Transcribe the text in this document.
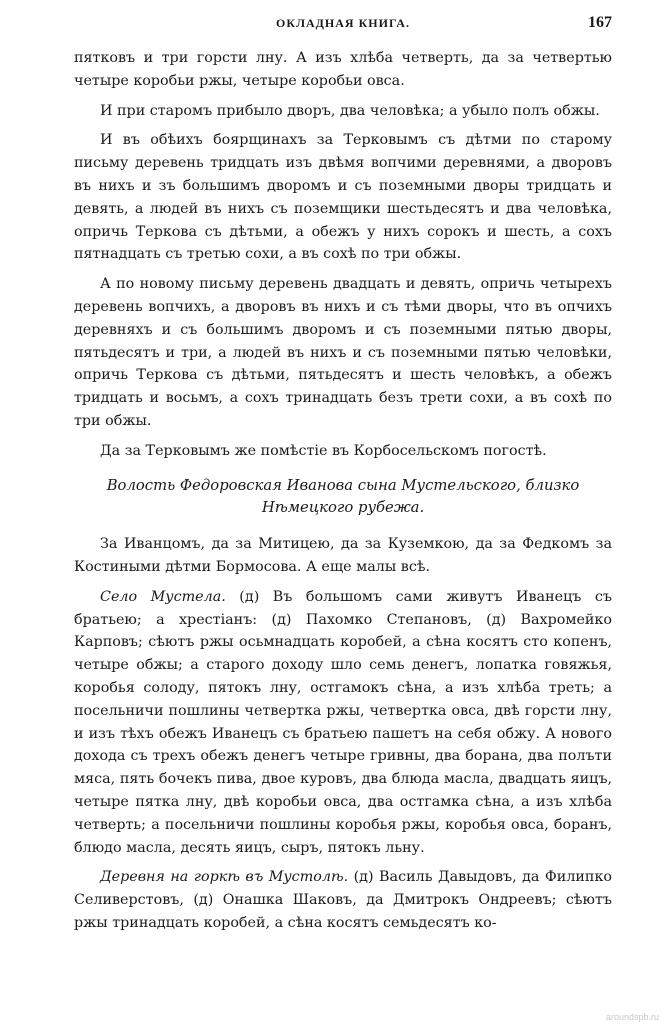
ОКЛАДНАЯ КНИГА.	167

пятковъ и три горсти лну. А изъ хлѣба четверть, да за четвертью четыре коробьи ржы, четыре коробьи овса.

И при старомъ прибыло дворъ, два человѣка; а убыло полъ обжы.

И въ обѣихъ боярщинахъ за Терковымъ съ дѣтми по старому письму деревень тридцать изъ двѣмя вопчими деревнями, а дворовъ въ нихъ и зъ большимъ дворомъ и съ поземными дворы тридцать и девять, а людей въ нихъ съ поземщики шестьдесятъ и два человѣка, опричь Теркова съ дѣтьми, а обежъ у нихъ сорокъ и шесть, а сохъ пятнадцать съ третью сохи, а въ сохѣ по три обжы.

А по новому письму деревень двадцать и девять, опричь четырехъ деревень вопчихъ, а дворовъ въ нихъ и съ тѣми дворы, что въ опчихъ деревняхъ и съ большимъ дворомъ и съ поземными пятью дворы, пятьдесятъ и три, а людей въ нихъ и съ поземными пятью человѣки, опричь Теркова съ дѣтьми, пятьдесятъ и шесть человѣкъ, а обежъ тридцать и восьмъ, а сохъ тринадцать безъ трети сохи, а въ сохѣ по три обжы.

Да за Терковымъ же помѣстіе въ Корбосельскомъ погостѣ.

Волость Федоровская Иванова сына Мустельского, близко
Нѣмецкого рубежа.

За Иванцомъ, да за Митицею, да за Куземкою, да за Федкомъ за Костиными дѣтми Бормосова. А еще малы всѣ.

Село Мустела. (д) Въ большомъ сами живутъ Иванецъ съ братьею; а хрестіанъ: (д) Пахомко Степановъ, (д) Вахромейко Карповъ; сѣютъ ржы осьмнадцать коробей, а сѣна косятъ сто копенъ, четыре обжы; а старого доходу шло семь денегъ, лопатка говяжья, коробья солоду, пятокъ лну, остгамокъ сѣна, а изъ хлѣба треть; а посельничи пошлины четвертка ржы, четвертка овса, двѣ горсти лну, и изъ тѣхъ обежъ Иванецъ съ братьею пашетъ на себя обжу. А нового дохода съ трехъ обежъ денегъ четыре гривны, два борана, два полъти мяса, пять бочекъ пива, двое куровъ, два блюда масла, двадцать яицъ, четыре пятка лну, двѣ коробьи овса, два остгамка сѣна, а изъ хлѣба четверть; а посельничи пошлины коробья ржы, коробья овса, боранъ, блюдо масла, десять яицъ, сыръ, пятокъ льну.

Деревня на горкѣ въ Мустолѣ. (д) Василь Давыдовъ, да Филипко Селиверстовъ, (д) Онашка Шаковъ, да Дмитрокъ Ондреевъ; сѣютъ ржы тринадцать коробей, а сѣна косятъ семьдесятъ ко-

aroundspb.ru
